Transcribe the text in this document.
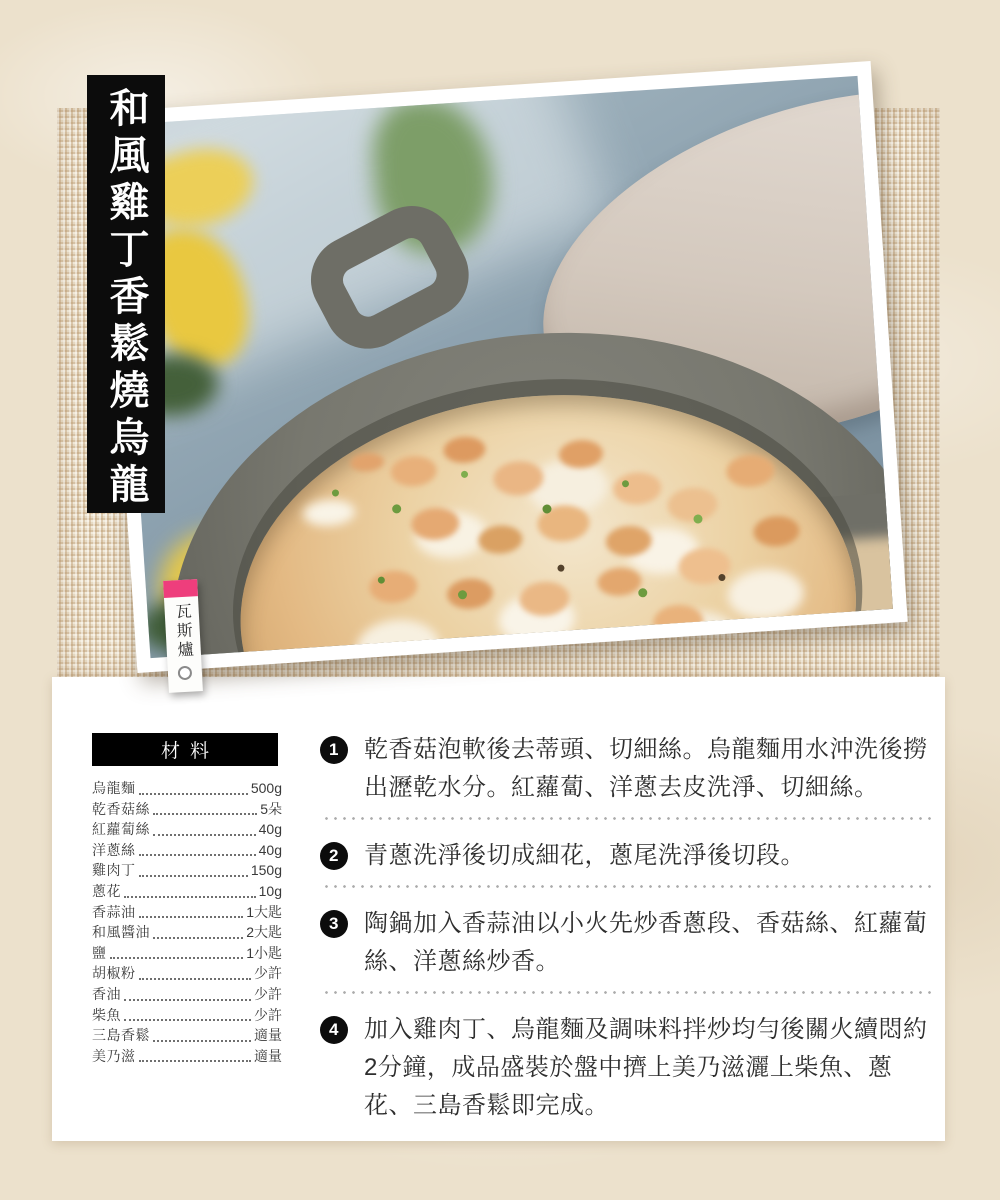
和風雞丁香鬆燒烏龍
瓦斯爐
材料
烏龍麵	500g
乾香菇絲	5朵
紅蘿蔔絲	40g
洋蔥絲	40g
雞肉丁	150g
蔥花	10g
香蒜油	1大匙
和風醬油	2大匙
鹽	1小匙
胡椒粉	少許
香油	少許
柴魚	少許
三島香鬆	適量
美乃滋	適量
1	乾香菇泡軟後去蒂頭、切細絲。烏龍麵用水沖洗後撈出瀝乾水分。紅蘿蔔、洋蔥去皮洗淨、切細絲。
2	青蔥洗淨後切成細花，蔥尾洗淨後切段。
3	陶鍋加入香蒜油以小火先炒香蔥段、香菇絲、紅蘿蔔絲、洋蔥絲炒香。
4	加入雞肉丁、烏龍麵及調味料拌炒均勻後關火續悶約2分鐘，成品盛裝於盤中擠上美乃滋灑上柴魚、蔥花、三島香鬆即完成。
